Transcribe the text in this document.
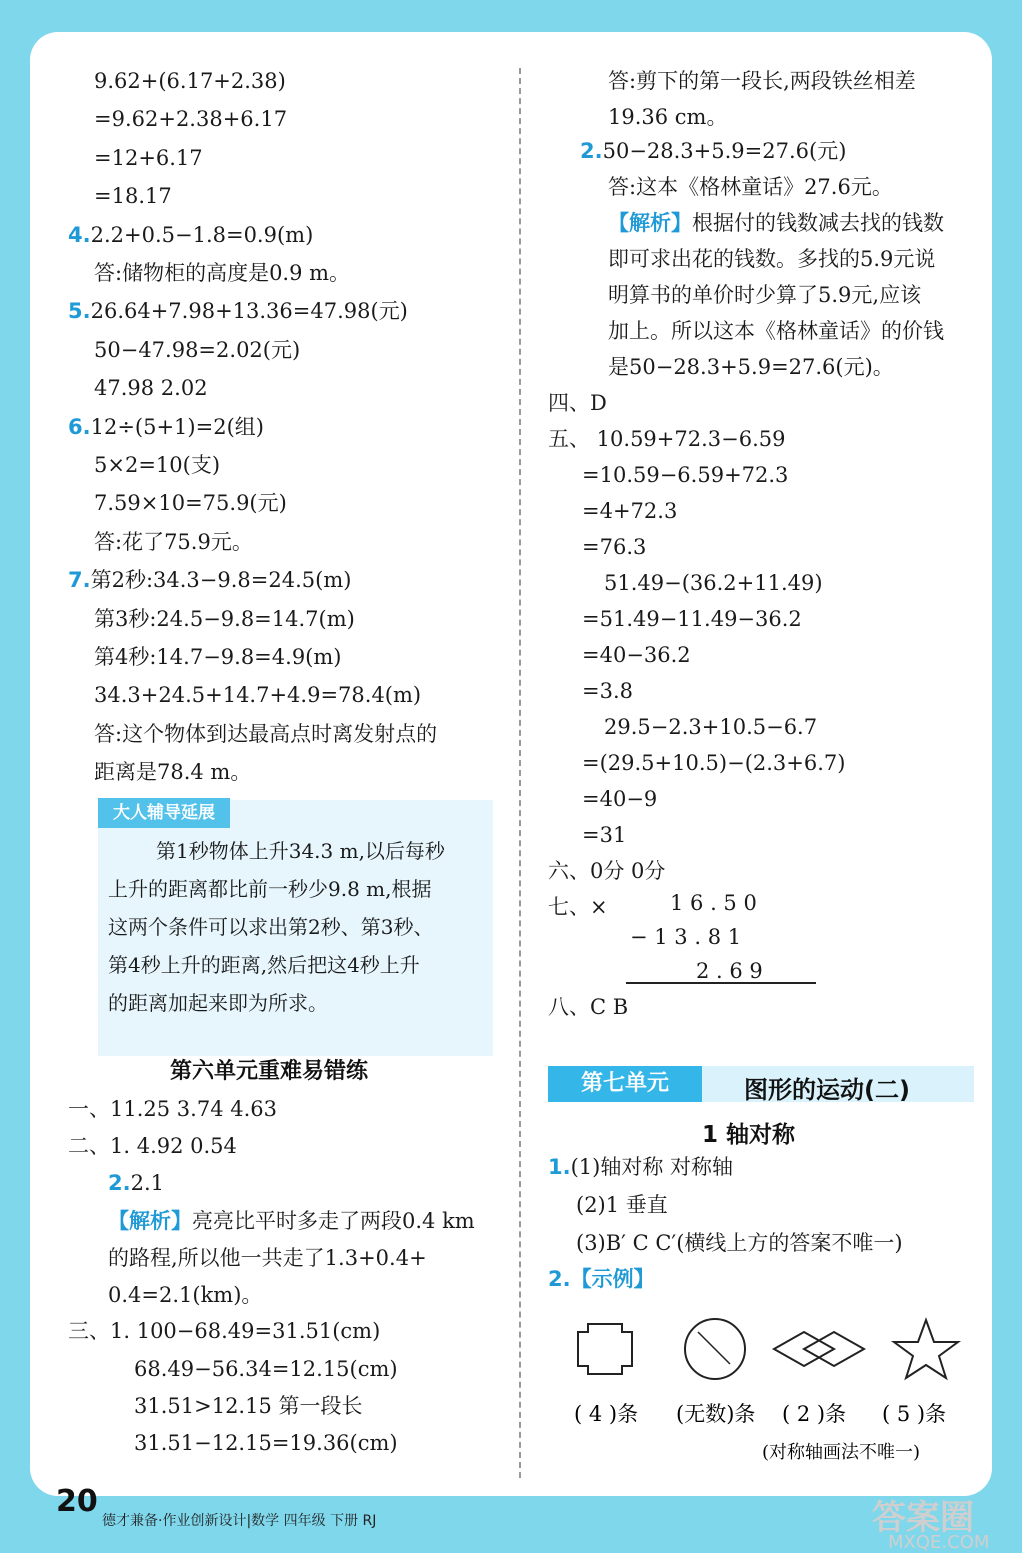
大人辅导延展
第六单元重难易错练
1 6 . 5 0
− 1 3 . 8 1
2 . 6 9
第七单元	图形的运动(二)
1 轴对称
( 4 )条 (无数)条 ( 2 )条 ( 5 )条
(对称轴画法不唯一)
20
德才兼备·作业创新设计|数学 四年级 下册 RJ	答案圈
MXQE.COM
9.62+(6.17+2.38)
=9.62+2.38+6.17
=12+6.17
=18.17
4.2.2+0.5−1.8=0.9(m)
答:储物柜的高度是0.9 m。
5.26.64+7.98+13.36=47.98(元)
50−47.98=2.02(元)
47.98 2.02
6.12÷(5+1)=2(组)
5×2=10(支)
7.59×10=75.9(元)
答:花了75.9元。
7.第2秒:34.3−9.8=24.5(m)
第3秒:24.5−9.8=14.7(m)
第4秒:14.7−9.8=4.9(m)
34.3+24.5+14.7+4.9=78.4(m)
答:这个物体到达最高点时离发射点的
距离是78.4 m。
一、11.25 3.74 4.63
二、1. 4.92 0.54
2.2.1
【解析】亮亮比平时多走了两段0.4 km
的路程,所以他一共走了1.3+0.4+
0.4=2.1(km)。
三、1. 100−68.49=31.51(cm)
68.49−56.34=12.15(cm)
31.51>12.15 第一段长
31.51−12.15=19.36(cm)
第1秒物体上升34.3 m,以后每秒
上升的距离都比前一秒少9.8 m,根据
这两个条件可以求出第2秒、第3秒、
第4秒上升的距离,然后把这4秒上升
的距离加起来即为所求。
答:剪下的第一段长,两段铁丝相差
19.36 cm。
2.50−28.3+5.9=27.6(元)
答:这本《格林童话》27.6元。
【解析】根据付的钱数减去找的钱数
即可求出花的钱数。多找的5.9元说
明算书的单价时少算了5.9元,应该
加上。所以这本《格林童话》的价钱
是50−28.3+5.9=27.6(元)。
四、D
五、 10.59+72.3−6.59
=10.59−6.59+72.3
=4+72.3
=76.3
51.49−(36.2+11.49)
=51.49−11.49−36.2
=40−36.2
=3.8
29.5−2.3+10.5−6.7
=(29.5+10.5)−(2.3+6.7)
=40−9
=31
六、0分 0分
七、×
八、C B
1.(1)轴对称 对称轴
(2)1 垂直
(3)B′ C C′(横线上方的答案不唯一)
2.【示例】
